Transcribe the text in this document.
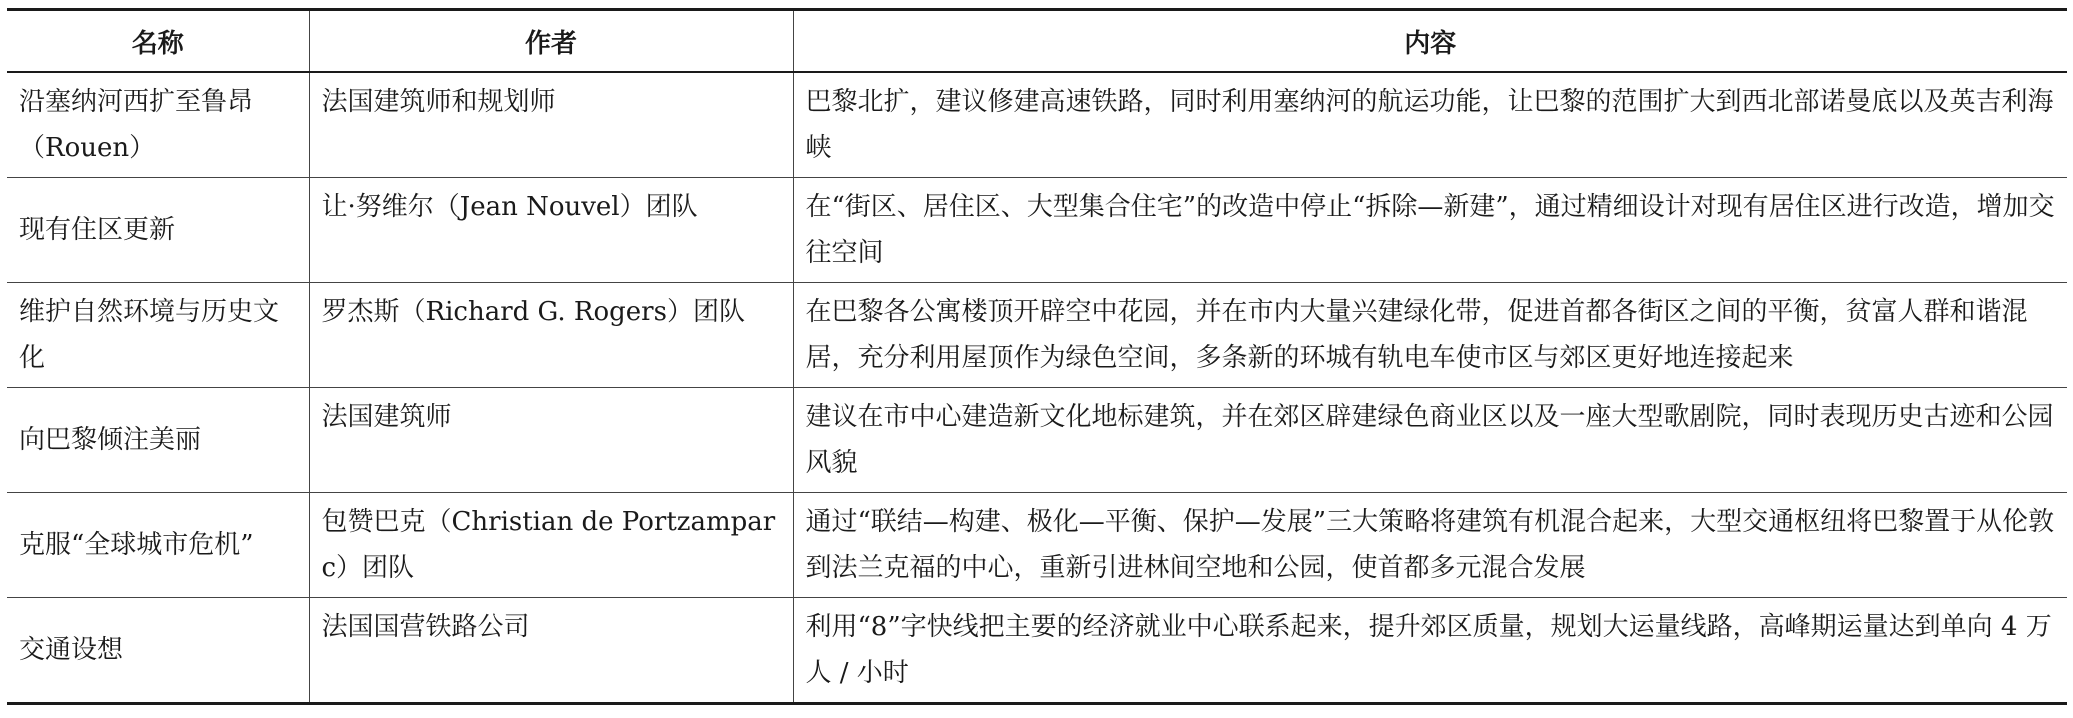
名称	作者	内容
沿塞纳河西扩至鲁昂（Rouen）	法国建筑师和规划师	巴黎北扩，建议修建高速铁路，同时利用塞纳河的航运功能，让巴黎的范围扩大到西北部诺曼底以及英吉利海峡
现有住区更新	让·努维尔（Jean Nouvel）团队	在“街区、居住区、大型集合住宅”的改造中停止“拆除—新建”，通过精细设计对现有居住区进行改造，增加交往空间
维护自然环境与历史文化	罗杰斯（Richard G. Rogers）团队	在巴黎各公寓楼顶开辟空中花园，并在市内大量兴建绿化带，促进首都各街区之间的平衡，贫富人群和谐混居，充分利用屋顶作为绿色空间，多条新的环城有轨电车使市区与郊区更好地连接起来
向巴黎倾注美丽	法国建筑师	建议在市中心建造新文化地标建筑，并在郊区辟建绿色商业区以及一座大型歌剧院，同时表现历史古迹和公园风貌
克服“全球城市危机”	包赞巴克（Christian de Portzamparc）团队	通过“联结—构建、极化—平衡、保护—发展”三大策略将建筑有机混合起来，大型交通枢纽将巴黎置于从伦敦到法兰克福的中心，重新引进林间空地和公园，使首都多元混合发展
交通设想	法国国营铁路公司	利用“8”字快线把主要的经济就业中心联系起来，提升郊区质量，规划大运量线路，高峰期运量达到单向 4 万人 / 小时
